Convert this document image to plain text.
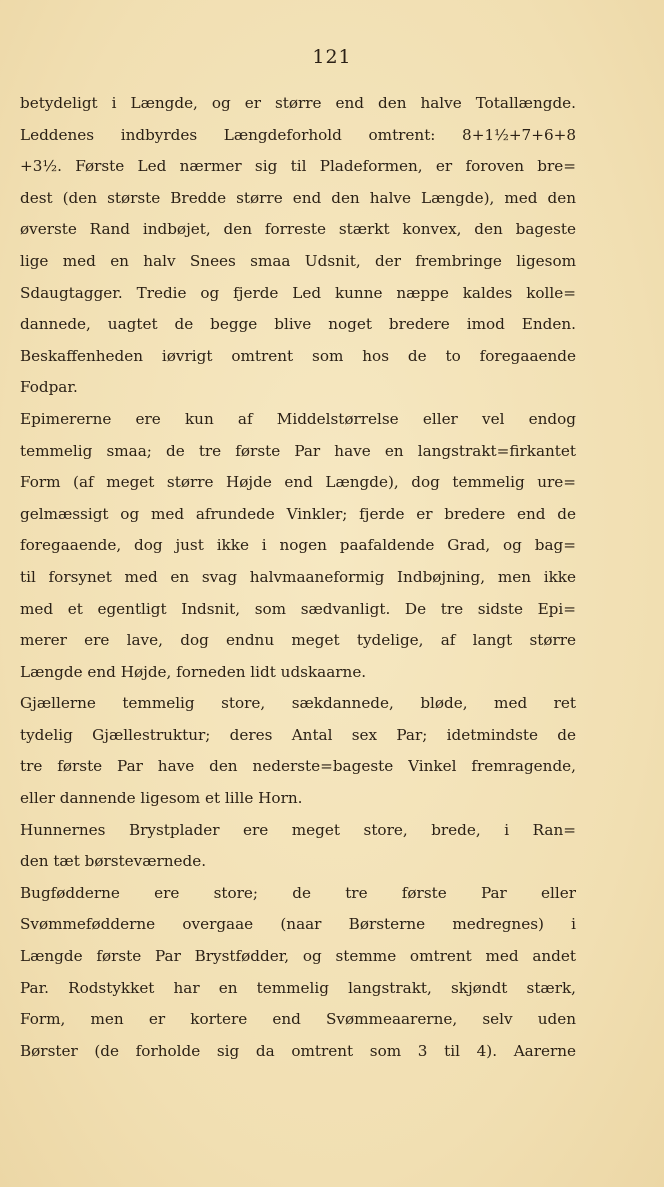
121
betydeligt i Længde, og er større end den halve Totallængde.
Leddenes indbyrdes Længdeforhold omtrent: 8+1½+7+6+8
+3½. Første Led nærmer sig til Pladeformen, er foroven bre=
dest (den største Bredde større end den halve Længde), med den
øverste Rand indbøjet, den forreste stærkt konvex, den bageste
lige med en halv Snees smaa Udsnit, der frembringe ligesom
Sdaugtagger. Tredie og fjerde Led kunne næppe kaldes kolle=
dannede, uagtet de begge blive noget bredere imod Enden.
Beskaffenheden iøvrigt omtrent som hos de to foregaaende
Fodpar.
Epimererne ere kun af Middelstørrelse eller vel endog
temmelig smaa; de tre første Par have en langstrakt=firkantet
Form (af meget større Højde end Længde), dog temmelig ure=
gelmæssigt og med afrundede Vinkler; fjerde er bredere end de
foregaaende, dog just ikke i nogen paafaldende Grad, og bag=
til forsynet med en svag halvmaaneformig Indbøjning, men ikke
med et egentligt Indsnit, som sædvanligt. De tre sidste Epi=
merer ere lave, dog endnu meget tydelige, af langt større
Længde end Højde, forneden lidt udskaarne.
Gjællerne temmelig store, sækdannede, bløde, med ret
tydelig Gjællestruktur; deres Antal sex Par; idetmindste de
tre første Par have den nederste=bageste Vinkel fremragende,
eller dannende ligesom et lille Horn.
Hunnernes Brystplader ere meget store, brede, i Ran=
den tæt børsteværnede.
Bugfødderne ere store; de tre første Par eller
Svømmefødderne overgaae (naar Børsterne medregnes) i
Længde første Par Brystfødder, og stemme omtrent med andet
Par. Rodstykket har en temmelig langstrakt, skjøndt stærk,
Form, men er kortere end Svømmeaarerne, selv uden
Børster (de forholde sig da omtrent som 3 til 4). Aarerne
